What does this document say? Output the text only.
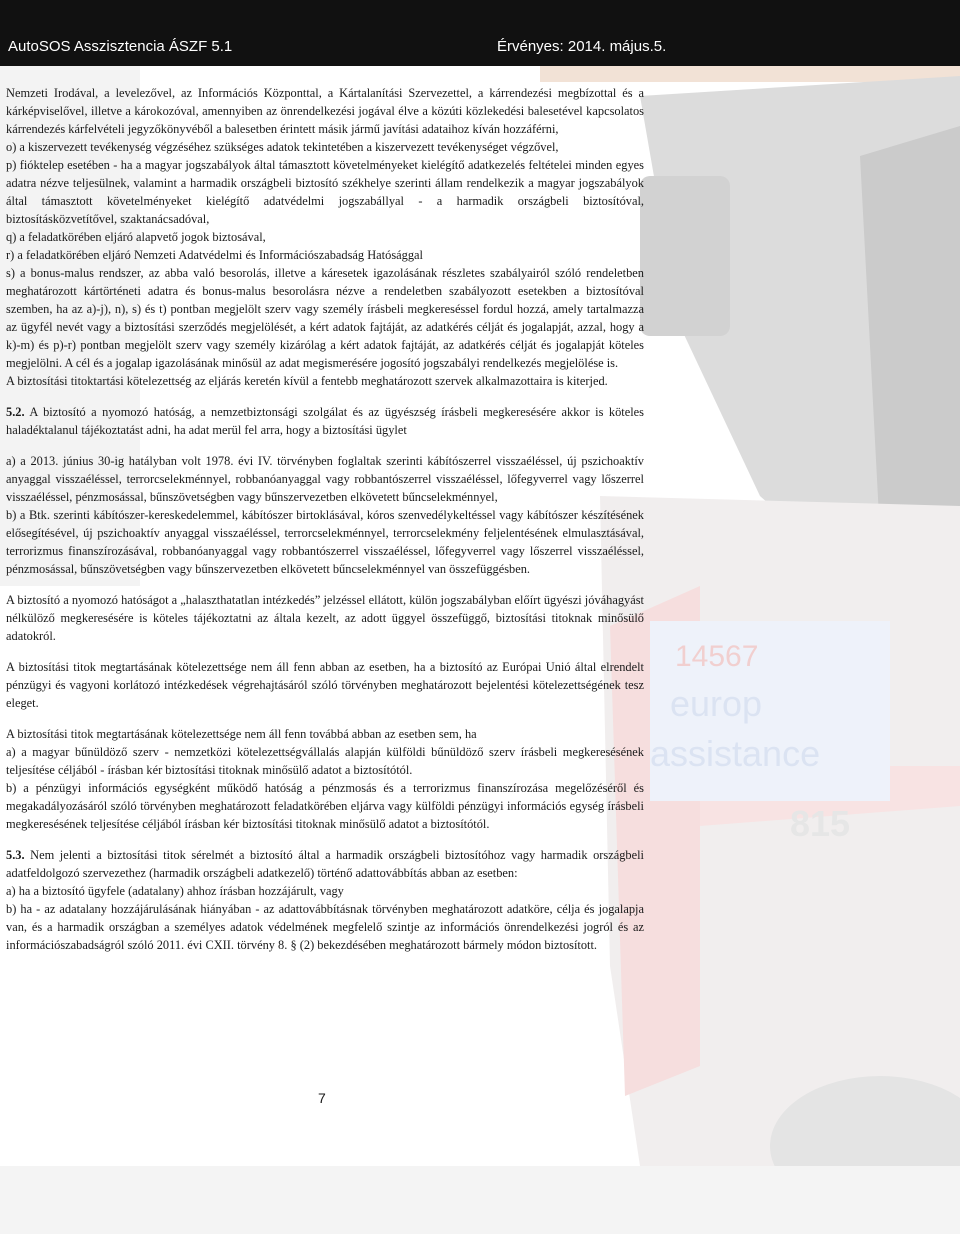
AutoSOS Asszisztencia ÁSZF 5.1	Érvényes: 2014. május.5.
14567
europ
assistance
815

Nemzeti Irodával, a levelezővel, az Információs Központtal, a Kártalanítási Szervezettel, a kárrendezési megbízottal és a kárképviselővel, illetve a károkozóval, amennyiben az önrendelkezési jogával élve a közúti közlekedési balesetével kapcsolatos kárrendezés kárfelvételi jegyzőkönyvéből a balesetben érintett másik jármű javítási adataihoz kíván hozzáférni,

o) a kiszervezett tevékenység végzéséhez szükséges adatok tekintetében a kiszervezett tevékenységet végzővel,

p) fióktelep esetében - ha a magyar jogszabályok által támasztott követelményeket kielégítő adatkezelés feltételei minden egyes adatra nézve teljesülnek, valamint a harmadik országbeli biztosító székhelye szerinti állam rendelkezik a magyar jogszabályok által támasztott követelményeket kielégítő adatvédelmi jogszabállyal - a harmadik országbeli biztosítóval, biztosításközvetítővel, szaktanácsadóval,

q) a feladatkörében eljáró alapvető jogok biztosával,

r) a feladatkörében eljáró Nemzeti Adatvédelmi és Információszabadság Hatósággal

s) a bonus-malus rendszer, az abba való besorolás, illetve a káresetek igazolásának részletes szabályairól szóló rendeletben meghatározott kártörténeti adatra és bonus-malus besorolásra nézve a rendeletben szabályozott esetekben a biztosítóval szemben, ha az a)-j), n), s) és t) pontban megjelölt szerv vagy személy írásbeli megkereséssel fordul hozzá, amely tartalmazza az ügyfél nevét vagy a biztosítási szerződés megjelölését, a kért adatok fajtáját, az adatkérés célját és jogalapját, azzal, hogy a k)-m) és p)-r) pontban megjelölt szerv vagy személy kizárólag a kért adatok fajtáját, az adatkérés célját és jogalapját köteles megjelölni. A cél és a jogalap igazolásának minősül az adat megismerésére jogosító jogszabályi rendelkezés megjelölése is.

A biztosítási titoktartási kötelezettség az eljárás keretén kívül a fentebb meghatározott szervek alkalmazottaira is kiterjed.

5.2. A biztosító a nyomozó hatóság, a nemzetbiztonsági szolgálat és az ügyészség írásbeli megkeresésére akkor is köteles haladéktalanul tájékoztatást adni, ha adat merül fel arra, hogy a biztosítási ügylet

a) a 2013. június 30-ig hatályban volt 1978. évi IV. törvényben foglaltak szerinti kábítószerrel visszaéléssel, új pszichoaktív anyaggal visszaéléssel, terrorcselekménnyel, robbanóanyaggal vagy robbantószerrel visszaéléssel, lőfegyverrel vagy lőszerrel visszaéléssel, pénzmosással, bűnszövetségben vagy bűnszervezetben elkövetett bűncselekménnyel,

b) a Btk. szerinti kábítószer-kereskedelemmel, kábítószer birtoklásával, kóros szenvedélykeltéssel vagy kábítószer készítésének elősegítésével, új pszichoaktív anyaggal visszaéléssel, terrorcselekménnyel, terrorcselekmény feljelentésének elmulasztásával, terrorizmus finanszírozásával, robbanóanyaggal vagy robbantószerrel visszaéléssel, lőfegyverrel vagy lőszerrel visszaéléssel, pénzmosással, bűnszövetségben vagy bűnszervezetben elkövetett bűncselekménnyel van összefüggésben.

A biztosító a nyomozó hatóságot a „halaszthatatlan intézkedés” jelzéssel ellátott, külön jogszabályban előírt ügyészi jóváhagyást nélkülöző megkeresésére is köteles tájékoztatni az általa kezelt, az adott üggyel összefüggő, biztosítási titoknak minősülő adatokról.

A biztosítási titok megtartásának kötelezettsége nem áll fenn abban az esetben, ha a biztosító az Európai Unió által elrendelt pénzügyi és vagyoni korlátozó intézkedések végrehajtásáról szóló törvényben meghatározott bejelentési kötelezettségének tesz eleget.

A biztosítási titok megtartásának kötelezettsége nem áll fenn továbbá abban az esetben sem, ha

a) a magyar bűnüldöző szerv - nemzetközi kötelezettségvállalás alapján külföldi bűnüldöző szerv írásbeli megkeresésének teljesítése céljából - írásban kér biztosítási titoknak minősülő adatot a biztosítótól.

b) a pénzügyi információs egységként működő hatóság a pénzmosás és a terrorizmus finanszírozása megelőzéséről és megakadályozásáról szóló törvényben meghatározott feladatkörében eljárva vagy külföldi pénzügyi információs egység írásbeli megkeresésének teljesítése céljából írásban kér biztosítási titoknak minősülő adatot a biztosítótól.

5.3. Nem jelenti a biztosítási titok sérelmét a biztosító által a harmadik országbeli biztosítóhoz vagy harmadik országbeli adatfeldolgozó szervezethez (harmadik országbeli adatkezelő) történő adattovábbítás abban az esetben:

a) ha a biztosító ügyfele (adatalany) ahhoz írásban hozzájárult, vagy

b) ha - az adatalany hozzájárulásának hiányában - az adattovábbításnak törvényben meghatározott adatköre, célja és jogalapja van, és a harmadik országban a személyes adatok védelmének megfelelő szintje az információs önrendelkezési jogról és az információszabadságról szóló 2011. évi CXII. törvény 8. § (2) bekezdésében meghatározott bármely módon biztosított.

7
